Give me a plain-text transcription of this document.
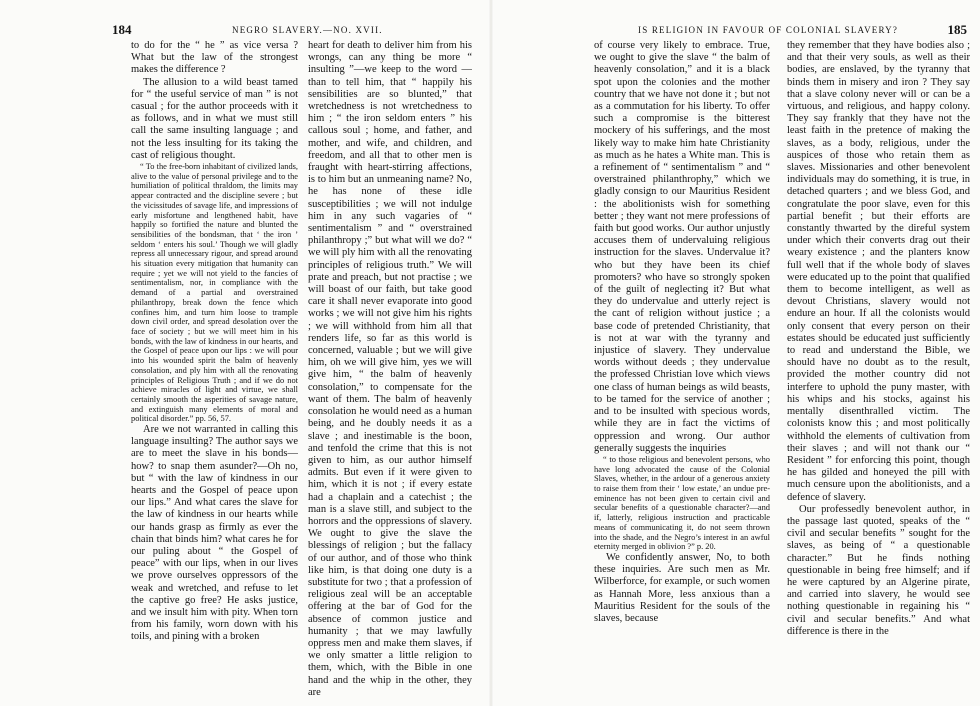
184	NEGRO SLAVERY.—NO. XVII.	IS RELIGION IN FAVOUR OF COLONIAL SLAVERY?	185

to do for the “ he ” as vice versa ? What but the law of the strongest makes the difference ?

The allusion to a wild beast tamed for “ the useful service of man ” is not casual ; for the author proceeds with it as follows, and in what we must still call the same insulting language ; and not the less insulting for its taking the cast of religious thought.

“ To the free-born inhabitant of civilized lands, alive to the value of personal privilege and to the humiliation of political thraldom, the limits may appear contracted and the discipline severe ; but the vicissitudes of savage life, and impressions of early misfortune and lengthened habit, have happily so fortified the nature and blunted the sensibilities of the bondsman, that ‘ the iron ’ seldom ‘ enters his soul.’ Though we will gladly repress all unnecessary rigour, and spread around his situation every mitigation that humanity can require ; yet we will not yield to the fancies of sentimentalism, nor, in compliance with the demand of a partial and overstrained philanthropy, break down the fence which confines him, and turn him loose to trample down civil order, and spread desolation over the face of society ; but we will meet him in his bonds, with the law of kindness in our hearts, and the Gospel of peace upon our lips : we will pour into his wounded spirit the balm of heavenly consolation, and ply him with all the renovating principles of Religious Truth ; and if we do not achieve miracles of light and virtue, we shall certainly smooth the asperities of savage nature, and extinguish many elements of moral and political disorder.” pp. 56, 57.

Are we not warranted in calling this language insulting? The author says we are to meet the slave in his bonds—how? to snap them asunder?—Oh no, but “ with the law of kindness in our hearts and the Gospel of peace upon our lips.” And what cares the slave for the law of kindness in our hearts while our hands grasp as firmly as ever the chain that binds him? what cares he for our puling about “ the Gospel of peace” with our lips, when in our lives we prove ourselves oppressors of the weak and wretched, and refuse to let the captive go free? He asks justice, and we insult him with pity. When torn from his family, worn down with his toils, and pining with a broken

heart for death to deliver him from his wrongs, can any thing be more “ insulting ”—we keep to the word —than to tell him, that “ happily his sensibilities are so blunted,” that wretchedness is not wretchedness to him ; “ the iron seldom enters ” his callous soul ; home, and father, and mother, and wife, and children, and freedom, and all that to other men is fraught with heart-stirring affections, is to him but an unmeaning name? No, he has none of these idle susceptibilities ; we will not indulge him in any such vagaries of “ sentimentalism ” and “ overstrained philanthropy ;” but what will we do? “ we will ply him with all the renovating principles of religious truth.” We will prate and preach, but not practise ; we will boast of our faith, but take good care it shall never evaporate into good works ; we will not give him his rights ; we will withhold from him all that renders life, so far as this world is concerned, valuable ; but we will give him, oh we will give him, yes we will give him, “ the balm of heavenly consolation,” to compensate for the want of them. The balm of heavenly consolation he would need as a human being, and he doubly needs it as a slave ; and inestimable is the boon, and tenfold the crime that this is not given to him, as our author himself admits. But even if it were given to him, which it is not ; if every estate had a chaplain and a catechist ; the man is a slave still, and subject to the horrors and the oppressions of slavery. We ought to give the slave the blessings of religion ; but the fallacy of our author, and of those who think like him, is that doing one duty is a substitute for two ; that a profession of religious zeal will be an acceptable offering at the bar of God for the absence of common justice and humanity ; that we may lawfully oppress men and make them slaves, if we only smatter a little religion to them, which, with the Bible in one hand and the whip in the other, they are

of course very likely to embrace. True, we ought to give the slave “ the balm of heavenly consolation,” and it is a black spot upon the colonies and the mother country that we have not done it ; but not as a commutation for his liberty. To offer such a compromise is the bitterest mockery of his sufferings, and the most likely way to make him hate Christianity as much as he hates a White man. This is a refinement of “ sentimentalism ” and “ overstrained philanthrophy,” which we gladly consign to our Mauritius Resident : the abolitionists wish for something better ; they want not mere professions of faith but good works. Our author unjustly accuses them of undervaluing religious instruction for the slaves. Undervalue it? who but they have been its chief promoters? who have so strongly spoken of the guilt of neglecting it? But what they do undervalue and utterly reject is the cant of religion without justice ; a base code of pretended Christianity, that is not at war with the tyranny and injustice of slavery. They undervalue words without deeds ; they undervalue the professed Christian love which views one class of human beings as wild beasts, to be tamed for the service of another ; and to be insulted with specious words, while they are in fact the victims of oppression and wrong. Our author generally suggests the inquiries

“ to those religious and benevolent persons, who have long advocated the cause of the Colonial Slaves, whether, in the ardour of a generous anxiety to raise them from their ‘ low estate,’ an undue pre-eminence has not been given to certain civil and secular benefits of a questionable character?—and if, latterly, religious instruction and practicable means of communicating it, do not seem thrown into the shade, and the Negro’s interest in an awful eternity merged in oblivion ?” p. 20.

We confidently answer, No, to both these inquiries. Are such men as Mr. Wilberforce, for example, or such women as Hannah More, less anxious than a Mauritius Resident for the souls of the slaves, because

they remember that they have bodies also ; and that their very souls, as well as their bodies, are enslaved, by the tyranny that binds them in misery and iron ? They say that a slave colony never will or can be a virtuous, and religious, and happy colony. They say frankly that they have not the least faith in the pretence of making the slaves, as a body, religious, under the auspices of those who retain them as slaves. Missionaries and other benevolent individuals may do something, it is true, in detached quarters ; and we bless God, and congratulate the poor slave, even for this partial benefit ; but their efforts are constantly thwarted by the direful system under which their converts drag out their weary existence ; and the planters know full well that if the whole body of slaves were educated up to the point that qualified them to become intelligent, as well as devout Christians, slavery would not endure an hour. If all the colonists would only consent that every person on their estates should be educated just sufficiently to read and understand the Bible, we should have no doubt as to the result, provided the mother country did not interfere to uphold the puny master, with his whips and his stocks, against his mentally disenthralled victim. The colonists know this ; and most politically withhold the elements of cultivation from their slaves ; and will not thank our “ Resident ” for enforcing this point, though he has gilded and honeyed the pill with much censure upon the abolitionists, and a defence of slavery.

Our professedly benevolent author, in the passage last quoted, speaks of the “ civil and secular benefits ” sought for the slaves, as being of “ a questionable character.” But he finds nothing questionable in being free himself; and if he were captured by an Algerine pirate, and carried into slavery, he would see nothing questionable in regaining his “ civil and secular benefits.” And what difference is there in the
